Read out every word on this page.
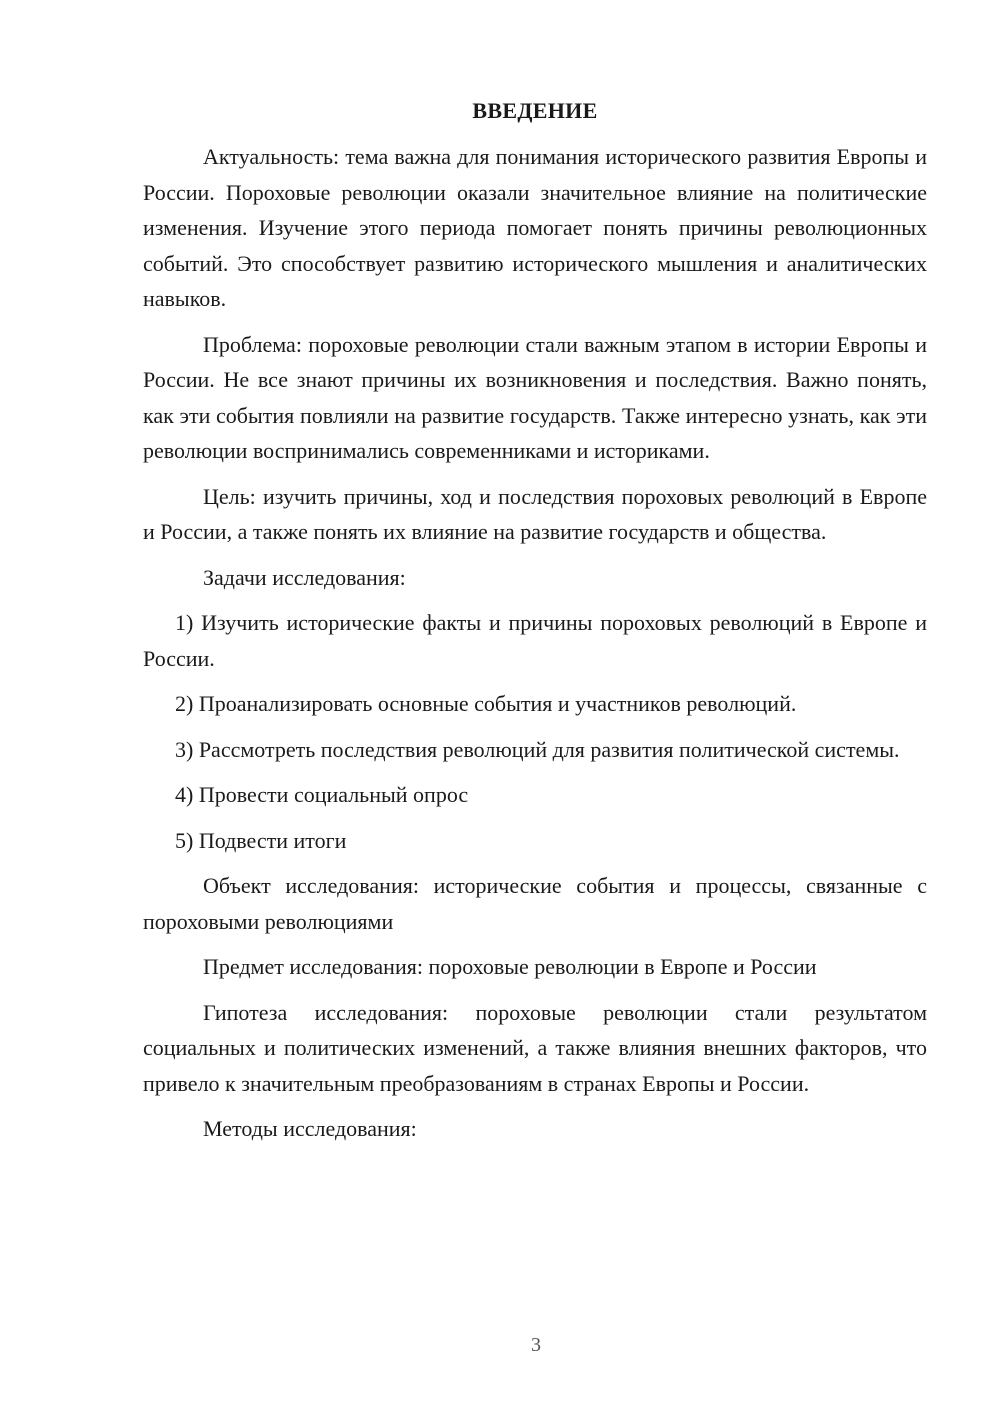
ВВЕДЕНИЕ

Актуальность: тема важна для понимания исторического развития Европы и России. Пороховые революции оказали значительное влияние на политические изменения. Изучение этого периода помогает понять причины революционных событий. Это способствует развитию исторического мышления и аналитических навыков.

Проблема: пороховые революции стали важным этапом в истории Европы и России. Не все знают причины их возникновения и последствия. Важно понять, как эти события повлияли на развитие государств. Также интересно узнать, как эти революции воспринимались современниками и историками.

Цель: изучить причины, ход и последствия пороховых революций в Европе и России, а также понять их влияние на развитие государств и общества.

Задачи исследования:

1) Изучить исторические факты и причины пороховых революций в Европе и России.

2) Проанализировать основные события и участников революций.

3) Рассмотреть последствия революций для развития политической системы.

4) Провести социальный опрос

5) Подвести итоги

Объект исследования: исторические события и процессы, связанные с пороховыми революциями

Предмет исследования: пороховые революции в Европе и России

Гипотеза исследования: пороховые революции стали результатом социальных и политических изменений, а также влияния внешних факторов, что привело к значительным преобразованиям в странах Европы и России.

Методы исследования:

3
